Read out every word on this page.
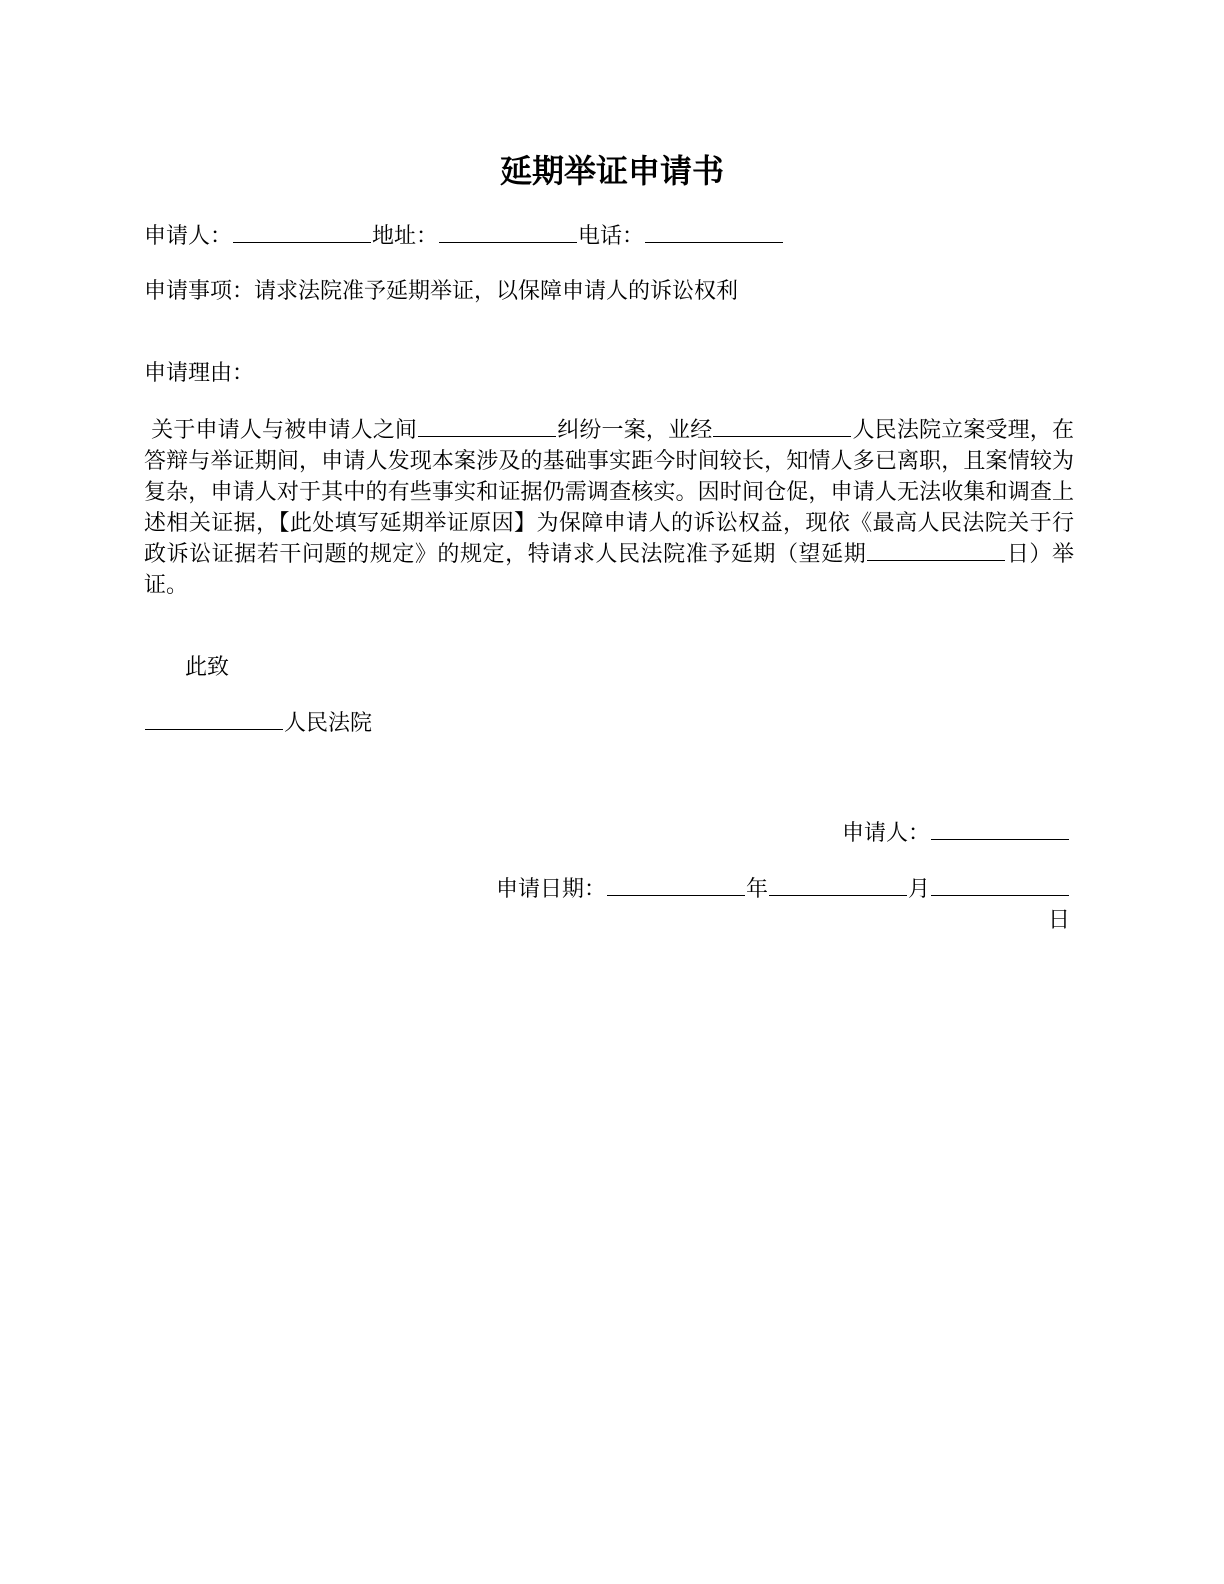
延期举证申请书
申请人：	地址：	电话：
申请事项：请求法院准予延期举证，以保障申请人的诉讼权利
申请理由：
关于申请人与被申请人之间	纠纷一案，业经	人民法院立案受理，在答辩与举证期间，申请人发现本案涉及的基础事实距今时间较长，知情人多已离职，且案情较为复杂，申请人对于其中的有些事实和证据仍需调查核实。因时间仓促，申请人无法收集和调查上述相关证据，【此处填写延期举证原因】为保障申请人的诉讼权益，现依《最高人民法院关于行政诉讼证据若干问题的规定》的规定，特请求人民法院准予延期（望延期	日）举证。
此致
人民法院
申请人：
申请日期：	年	月
日
